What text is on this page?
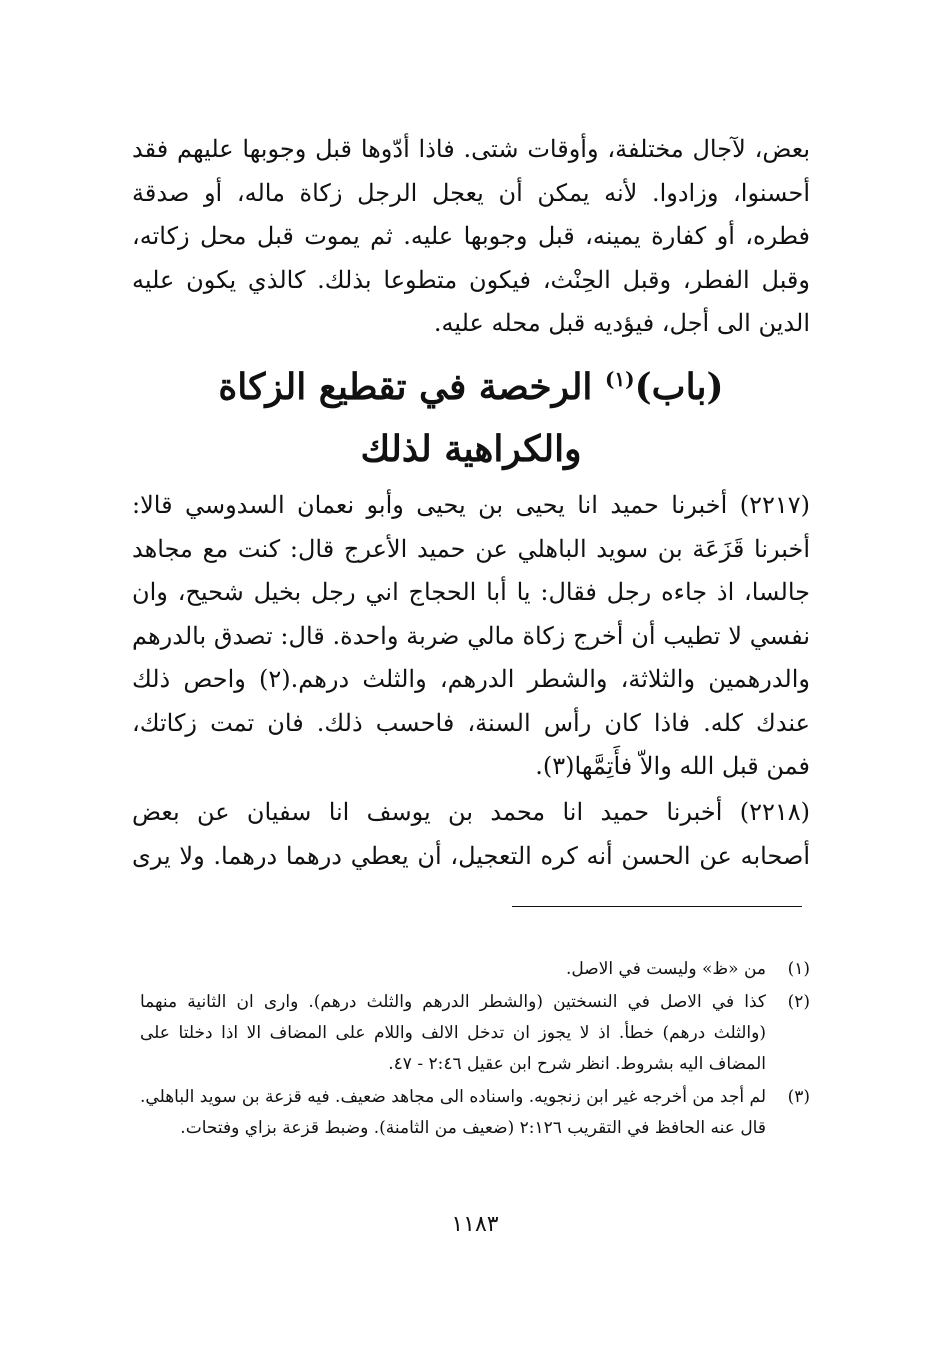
بعض، لآجال مختلفة، وأوقات شتى. فاذا أدّوها قبل وجوبها عليهم فقد
أحسنوا، وزادوا. لأنه يمكن أن يعجل الرجل زكاة ماله، أو صدقة
فطره، أو كفارة يمينه، قبل وجوبها عليه. ثم يموت قبل محل زكاته،
وقبل الفطر، وقبل الحِنْث، فيكون متطوعا بذلك. كالذي يكون عليه
الدين الى أجل، فيؤديه قبل محله عليه.
(باب)$^{(١)}$ الرخصة في تقطيع الزكاة
والكراهية لذلك
(٢٢١٧) أخبرنا حميد انا يحيى بن يحيى وأبو نعمان السدوسي قالا:
أخبرنا قَزَعَة بن سويد الباهلي عن حميد الأعرج قال: كنت مع مجاهد
جالسا، اذ جاءه رجل فقال: يا أبا الحجاج اني رجل بخيل شحيح، وان
نفسي لا تطيب أن أخرج زكاة مالي ضربة واحدة. قال: تصدق بالدرهم
والدرهمين والثلاثة، والشطر الدرهم، والثلث درهم.(٢) واحص ذلك
عندك كله. فاذا كان رأس السنة، فاحسب ذلك. فان تمت زكاتك،
فمن قبل الله والاّ فأَتِمَّها(٣).
(٢٢١٨) أخبرنا حميد انا محمد بن يوسف انا سفيان عن بعض
أصحابه عن الحسن أنه كره التعجيل، أن يعطي درهما درهما. ولا يرى
(١)
من «ظ» وليست في الاصل.
(٢)
كذا في الاصل في النسختين (والشطر الدرهم والثلث درهم). وارى ان الثانية منهما (والثلث درهم) خطأ. اذ لا يجوز ان تدخل الالف واللام على المضاف الا اذا دخلتا على المضاف اليه بشروط. انظر شرح ابن عقيل ٢:٤٦ - ٤٧.
(٣)
لم أجد من أخرجه غير ابن زنجويه. واسناده الى مجاهد ضعيف. فيه قزعة بن سويد الباهلي. قال عنه الحافظ في التقريب ٢:١٢٦ (ضعيف من الثامنة). وضبط قزعة بزاي وفتحات.
١١٨٣
